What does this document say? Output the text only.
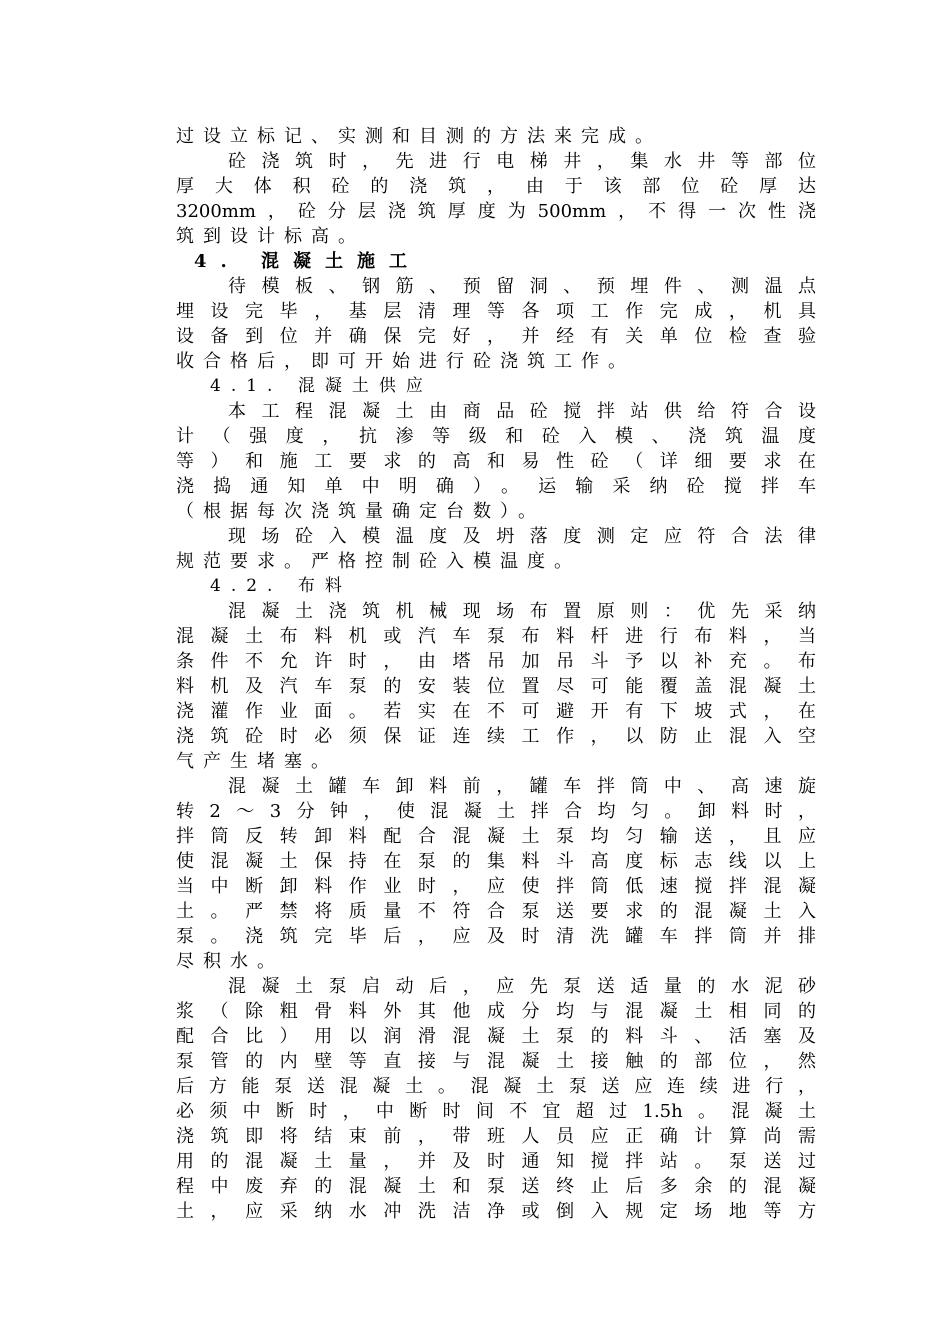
过设立标记、实测和目测的方法来完成。
砼浇筑时，先进行电梯井，集水井等部位
厚大体积砼的浇筑，由于该部位砼厚达
3200mm，砼分层浇筑厚度为500mm，不得一次性浇
筑到设计标高。
4. 混凝土施工
待模板、钢筋、预留洞、预埋件、测温点
埋设完毕，基层清理等各项工作完成，机具
设备到位并确保完好，并经有关单位检查验
收合格后，即可开始进行砼浇筑工作。
4.1. 混凝土供应
本工程混凝土由商品砼搅拌站供给符合设
计（强度，抗渗等级和砼入模、浇筑温度
等）和施工要求的高和易性砼（详细要求在
浇捣通知单中明确）。运输采纳砼搅拌车
（根据每次浇筑量确定台数）。
现场砼入模温度及坍落度测定应符合法律
规范要求。严格控制砼入模温度。
4.2. 布料
混凝土浇筑机械现场布置原则：优先采纳
混凝土布料机或汽车泵布料杆进行布料，当
条件不允许时，由塔吊加吊斗予以补充。布
料机及汽车泵的安装位置尽可能覆盖混凝土
浇灌作业面。若实在不可避开有下坡式，在
浇筑砼时必须保证连续工作，以防止混入空
气产生堵塞。
混凝土罐车卸料前，罐车拌筒中、高速旋
转2～3分钟，使混凝土拌合均匀。卸料时，
拌筒反转卸料配合混凝土泵均匀输送，且应
使混凝土保持在泵的集料斗高度标志线以上
当中断卸料作业时，应使拌筒低速搅拌混凝
土。严禁将质量不符合泵送要求的混凝土入
泵。浇筑完毕后，应及时清洗罐车拌筒并排
尽积水。
混凝土泵启动后，应先泵送适量的水泥砂
浆（除粗骨料外其他成分均与混凝土相同的
配合比）用以润滑混凝土泵的料斗、活塞及
泵管的内壁等直接与混凝土接触的部位，然
后方能泵送混凝土。混凝土泵送应连续进行，
必须中断时，中断时间不宜超过1.5h。混凝土
浇筑即将结束前，带班人员应正确计算尚需
用的混凝土量，并及时通知搅拌站。泵送过
程中废弃的混凝土和泵送终止后多余的混凝
土，应采纳水冲洗洁净或倒入规定场地等方
